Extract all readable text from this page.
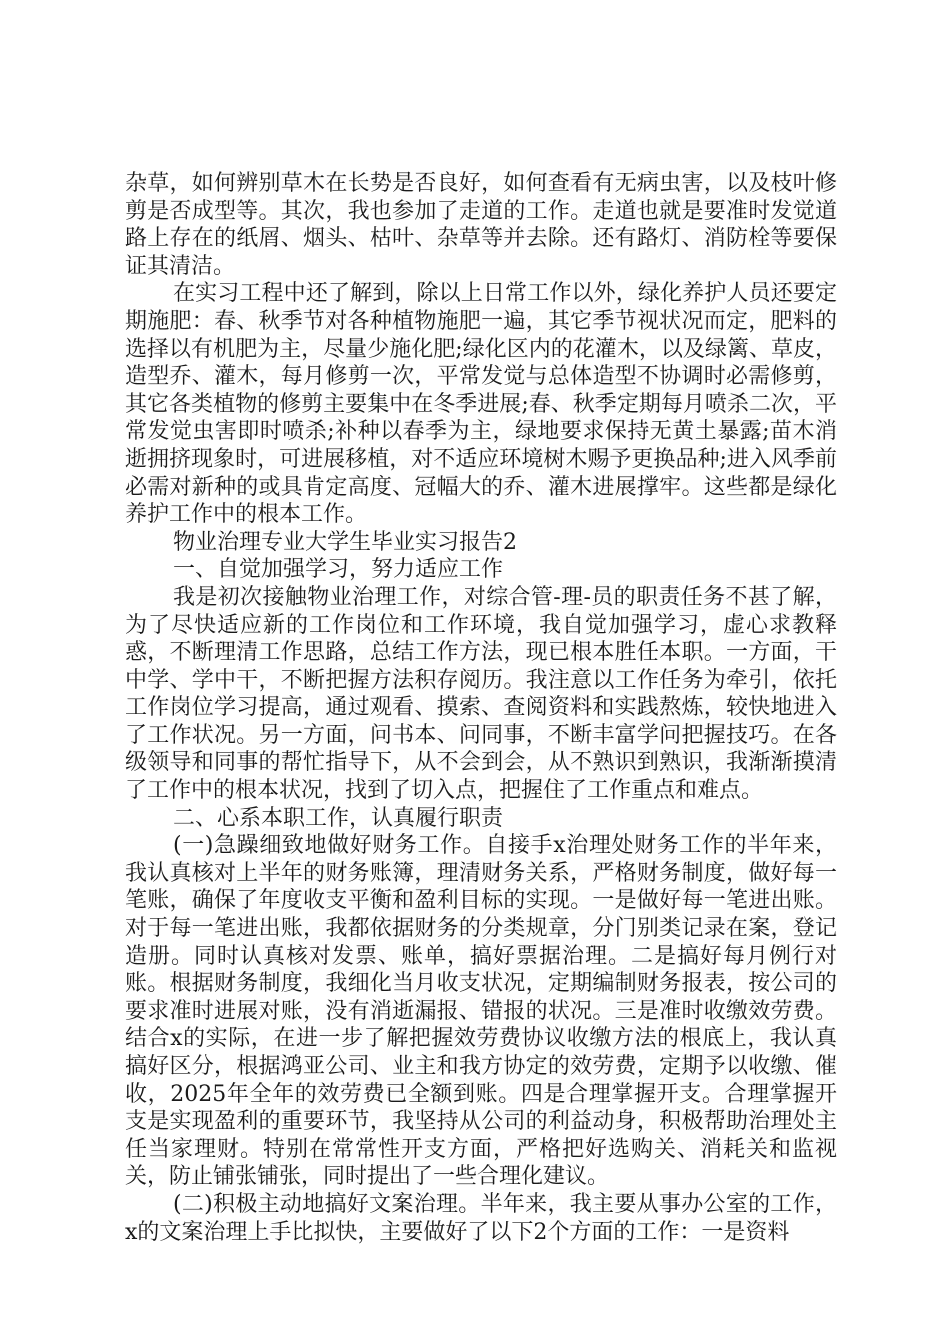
杂草，如何辨别草木在长势是否良好，如何查看有无病虫害，以及枝叶修剪是否成型等。其次，我也参加了走道的工作。走道也就是要准时发觉道路上存在的纸屑、烟头、枯叶、杂草等并去除。还有路灯、消防栓等要保证其清洁。

在实习工程中还了解到，除以上日常工作以外，绿化养护人员还要定期施肥：春、秋季节对各种植物施肥一遍，其它季节视状况而定，肥料的选择以有机肥为主，尽量少施化肥;绿化区内的花灌木，以及绿篱、草皮，造型乔、灌木，每月修剪一次，平常发觉与总体造型不协调时必需修剪，其它各类植物的修剪主要集中在冬季进展;春、秋季定期每月喷杀二次，平常发觉虫害即时喷杀;补种以春季为主，绿地要求保持无黄土暴露;苗木消逝拥挤现象时，可进展移植，对不适应环境树木赐予更换品种;进入风季前必需对新种的或具肯定高度、冠幅大的乔、灌木进展撑牢。这些都是绿化养护工作中的根本工作。

物业治理专业大学生毕业实习报告2

一、自觉加强学习，努力适应工作

我是初次接触物业治理工作，对综合管-理-员的职责任务不甚了解，为了尽快适应新的工作岗位和工作环境，我自觉加强学习，虚心求教释惑，不断理清工作思路，总结工作方法，现已根本胜任本职。一方面，干中学、学中干，不断把握方法积存阅历。我注意以工作任务为牵引，依托工作岗位学习提高，通过观看、摸索、查阅资料和实践熬炼，较快地进入了工作状况。另一方面，问书本、问同事，不断丰富学问把握技巧。在各级领导和同事的帮忙指导下，从不会到会，从不熟识到熟识，我渐渐摸清了工作中的根本状况，找到了切入点，把握住了工作重点和难点。

二、心系本职工作，认真履行职责

(一)急躁细致地做好财务工作。自接手x治理处财务工作的半年来，我认真核对上半年的财务账簿，理清财务关系，严格财务制度，做好每一笔账，确保了年度收支平衡和盈利目标的实现。一是做好每一笔进出账。对于每一笔进出账，我都依据财务的分类规章，分门别类记录在案，登记造册。同时认真核对发票、账单，搞好票据治理。二是搞好每月例行对账。根据财务制度，我细化当月收支状况，定期编制财务报表，按公司的要求准时进展对账，没有消逝漏报、错报的状况。三是准时收缴效劳费。结合x的实际，在进一步了解把握效劳费协议收缴方法的根底上，我认真搞好区分，根据鸿亚公司、业主和我方协定的效劳费，定期予以收缴、催收，2025年全年的效劳费已全额到账。四是合理掌握开支。合理掌握开支是实现盈利的重要环节，我坚持从公司的利益动身，积极帮助治理处主任当家理财。特别在常常性开支方面，严格把好选购关、消耗关和监视关，防止铺张铺张，同时提出了一些合理化建议。

(二)积极主动地搞好文案治理。半年来，我主要从事办公室的工作，x的文案治理上手比拟快，主要做好了以下2个方面的工作：一是资料
